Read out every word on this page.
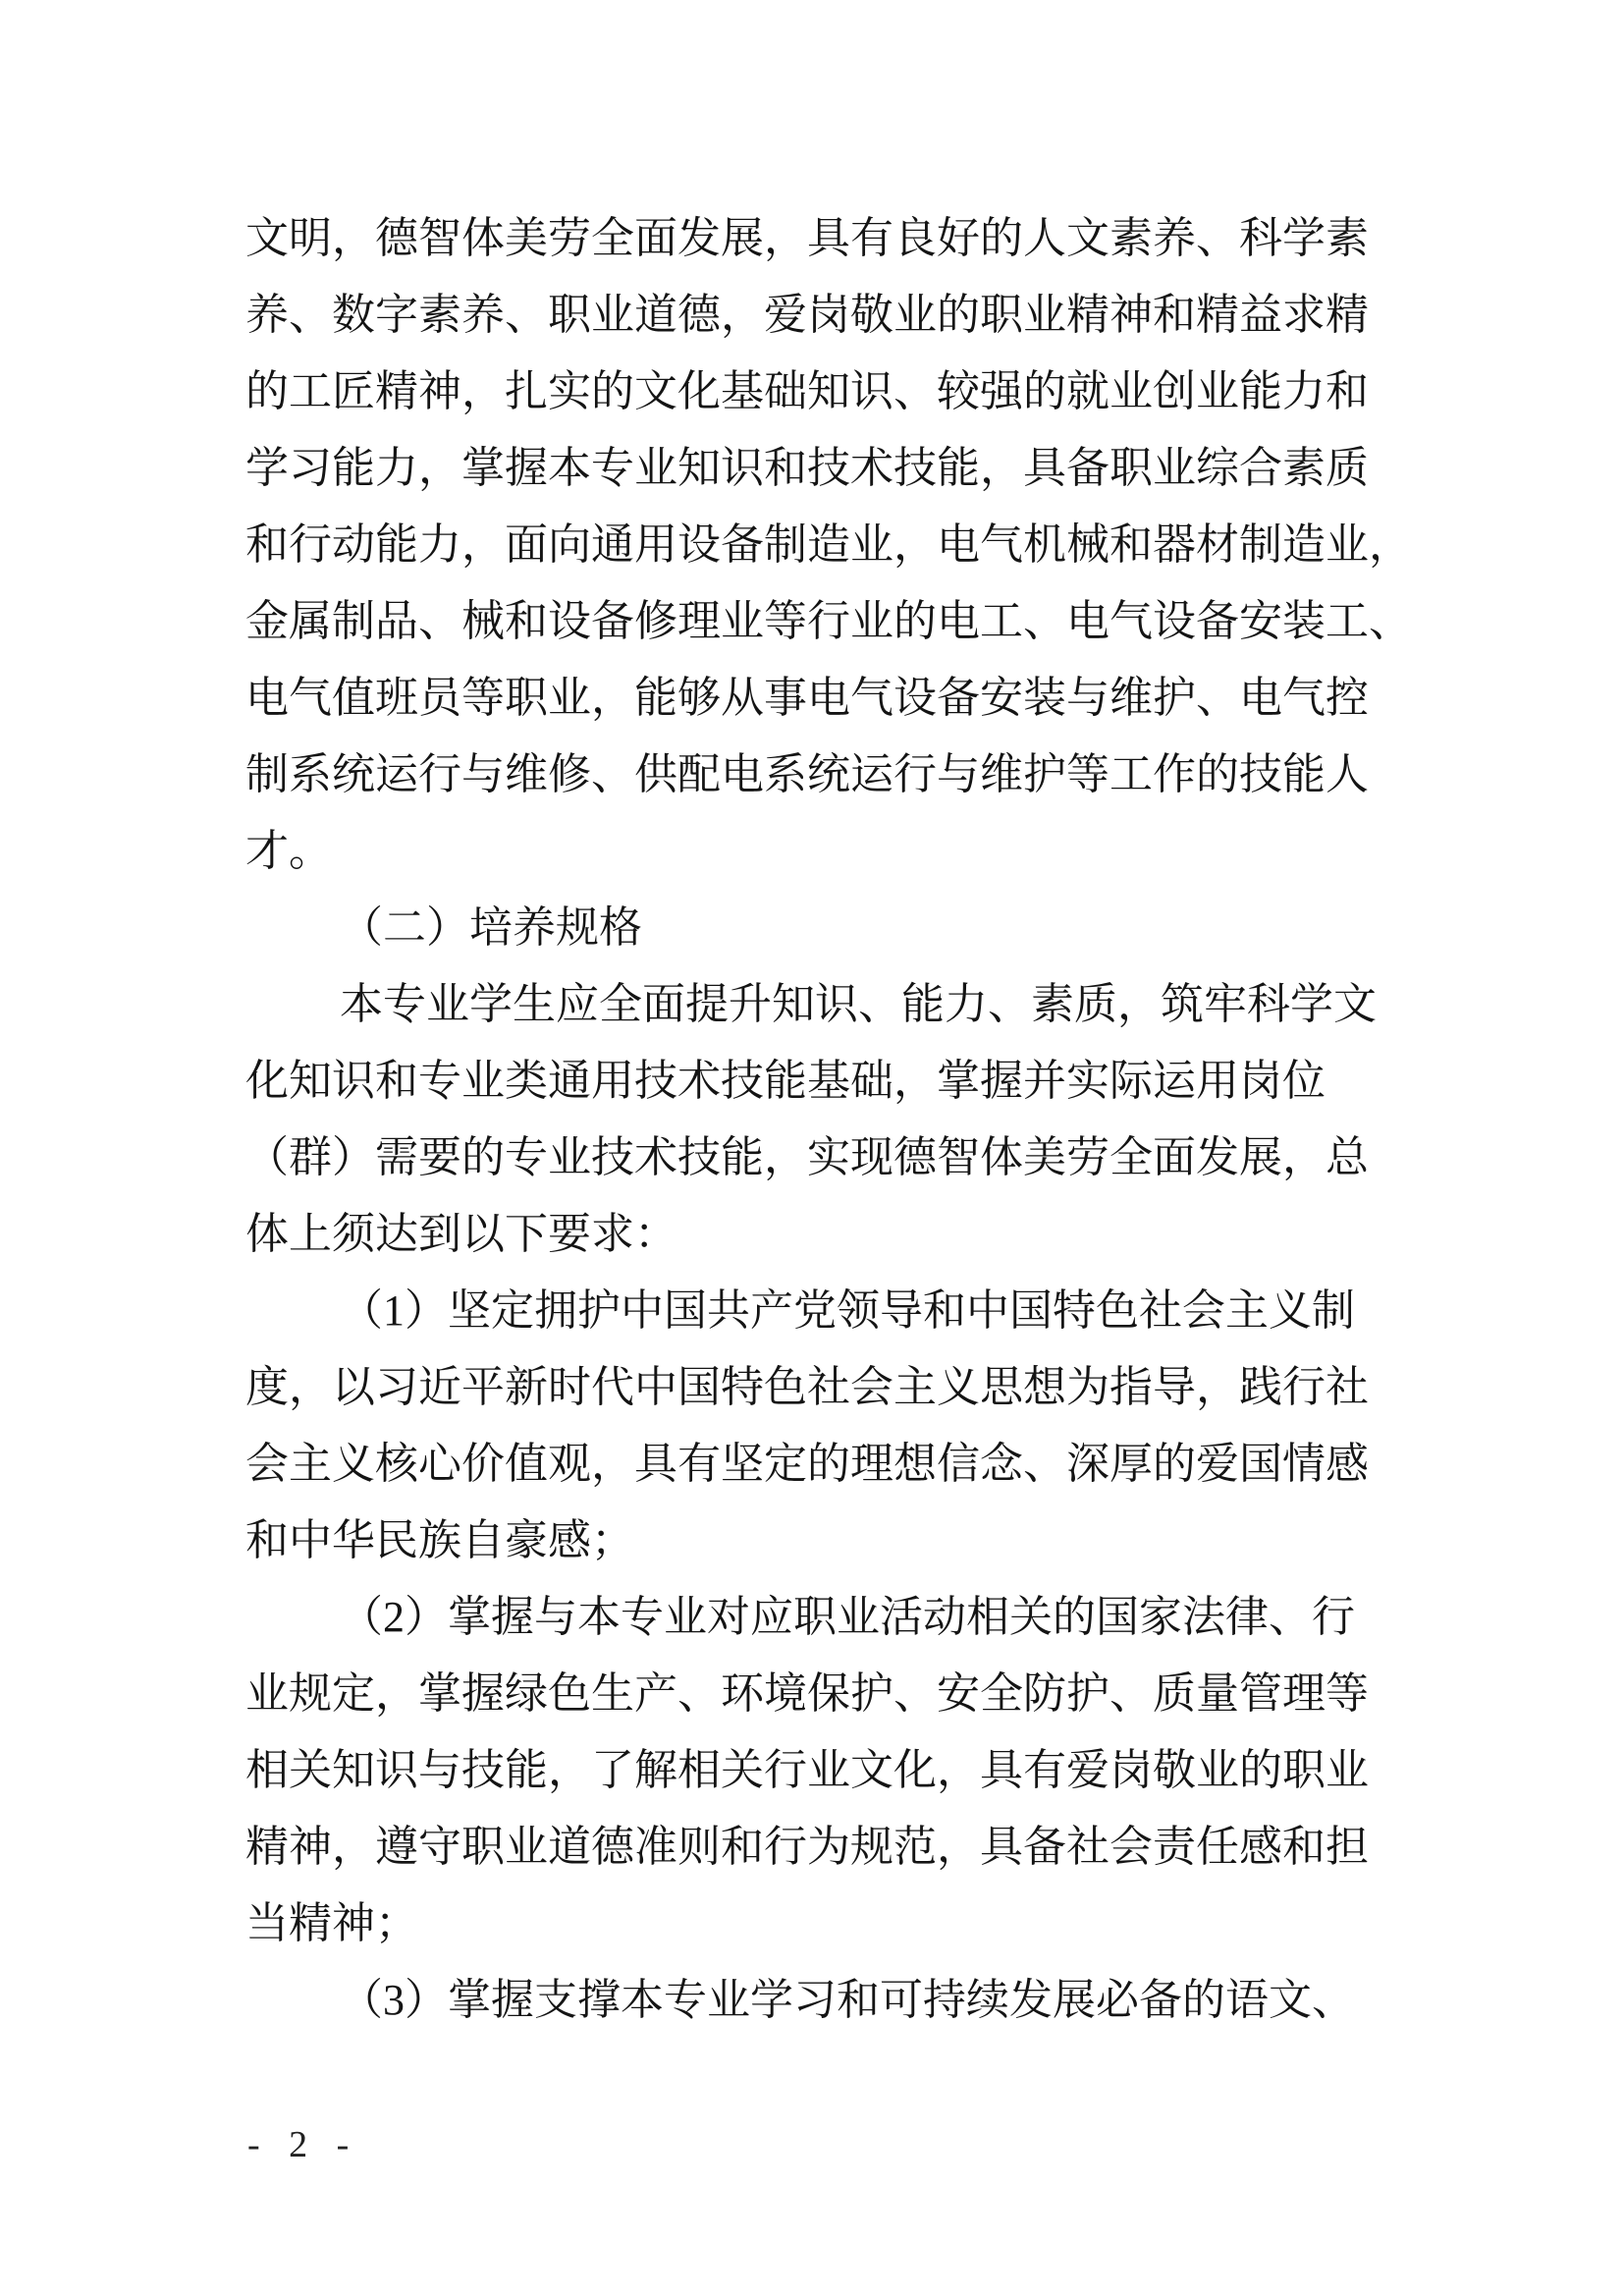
文明，德智体美劳全面发展，具有良好的人文素养、科学素
养、数字素养、职业道德，爱岗敬业的职业精神和精益求精
的工匠精神，扎实的文化基础知识、较强的就业创业能力和
学习能力，掌握本专业知识和技术技能，具备职业综合素质
和行动能力，面向通用设备制造业，电气机械和器材制造业，
金属制品、械和设备修理业等行业的电工、电气设备安装工、
电气值班员等职业，能够从事电气设备安装与维护、电气控
制系统运行与维修、供配电系统运行与维护等工作的技能人
才。
（二）培养规格
本专业学生应全面提升知识、能力、素质，筑牢科学文
化知识和专业类通用技术技能基础，掌握并实际运用岗位
（群）需要的专业技术技能，实现德智体美劳全面发展，总
体上须达到以下要求：
（1）坚定拥护中国共产党领导和中国特色社会主义制
度，以习近平新时代中国特色社会主义思想为指导，践行社
会主义核心价值观，具有坚定的理想信念、深厚的爱国情感
和中华民族自豪感；
（2）掌握与本专业对应职业活动相关的国家法律、行
业规定，掌握绿色生产、环境保护、安全防护、质量管理等
相关知识与技能，了解相关行业文化，具有爱岗敬业的职业
精神，遵守职业道德准则和行为规范，具备社会责任感和担
当精神；
（3）掌握支撑本专业学习和可持续发展必备的语文、
- 2 -
